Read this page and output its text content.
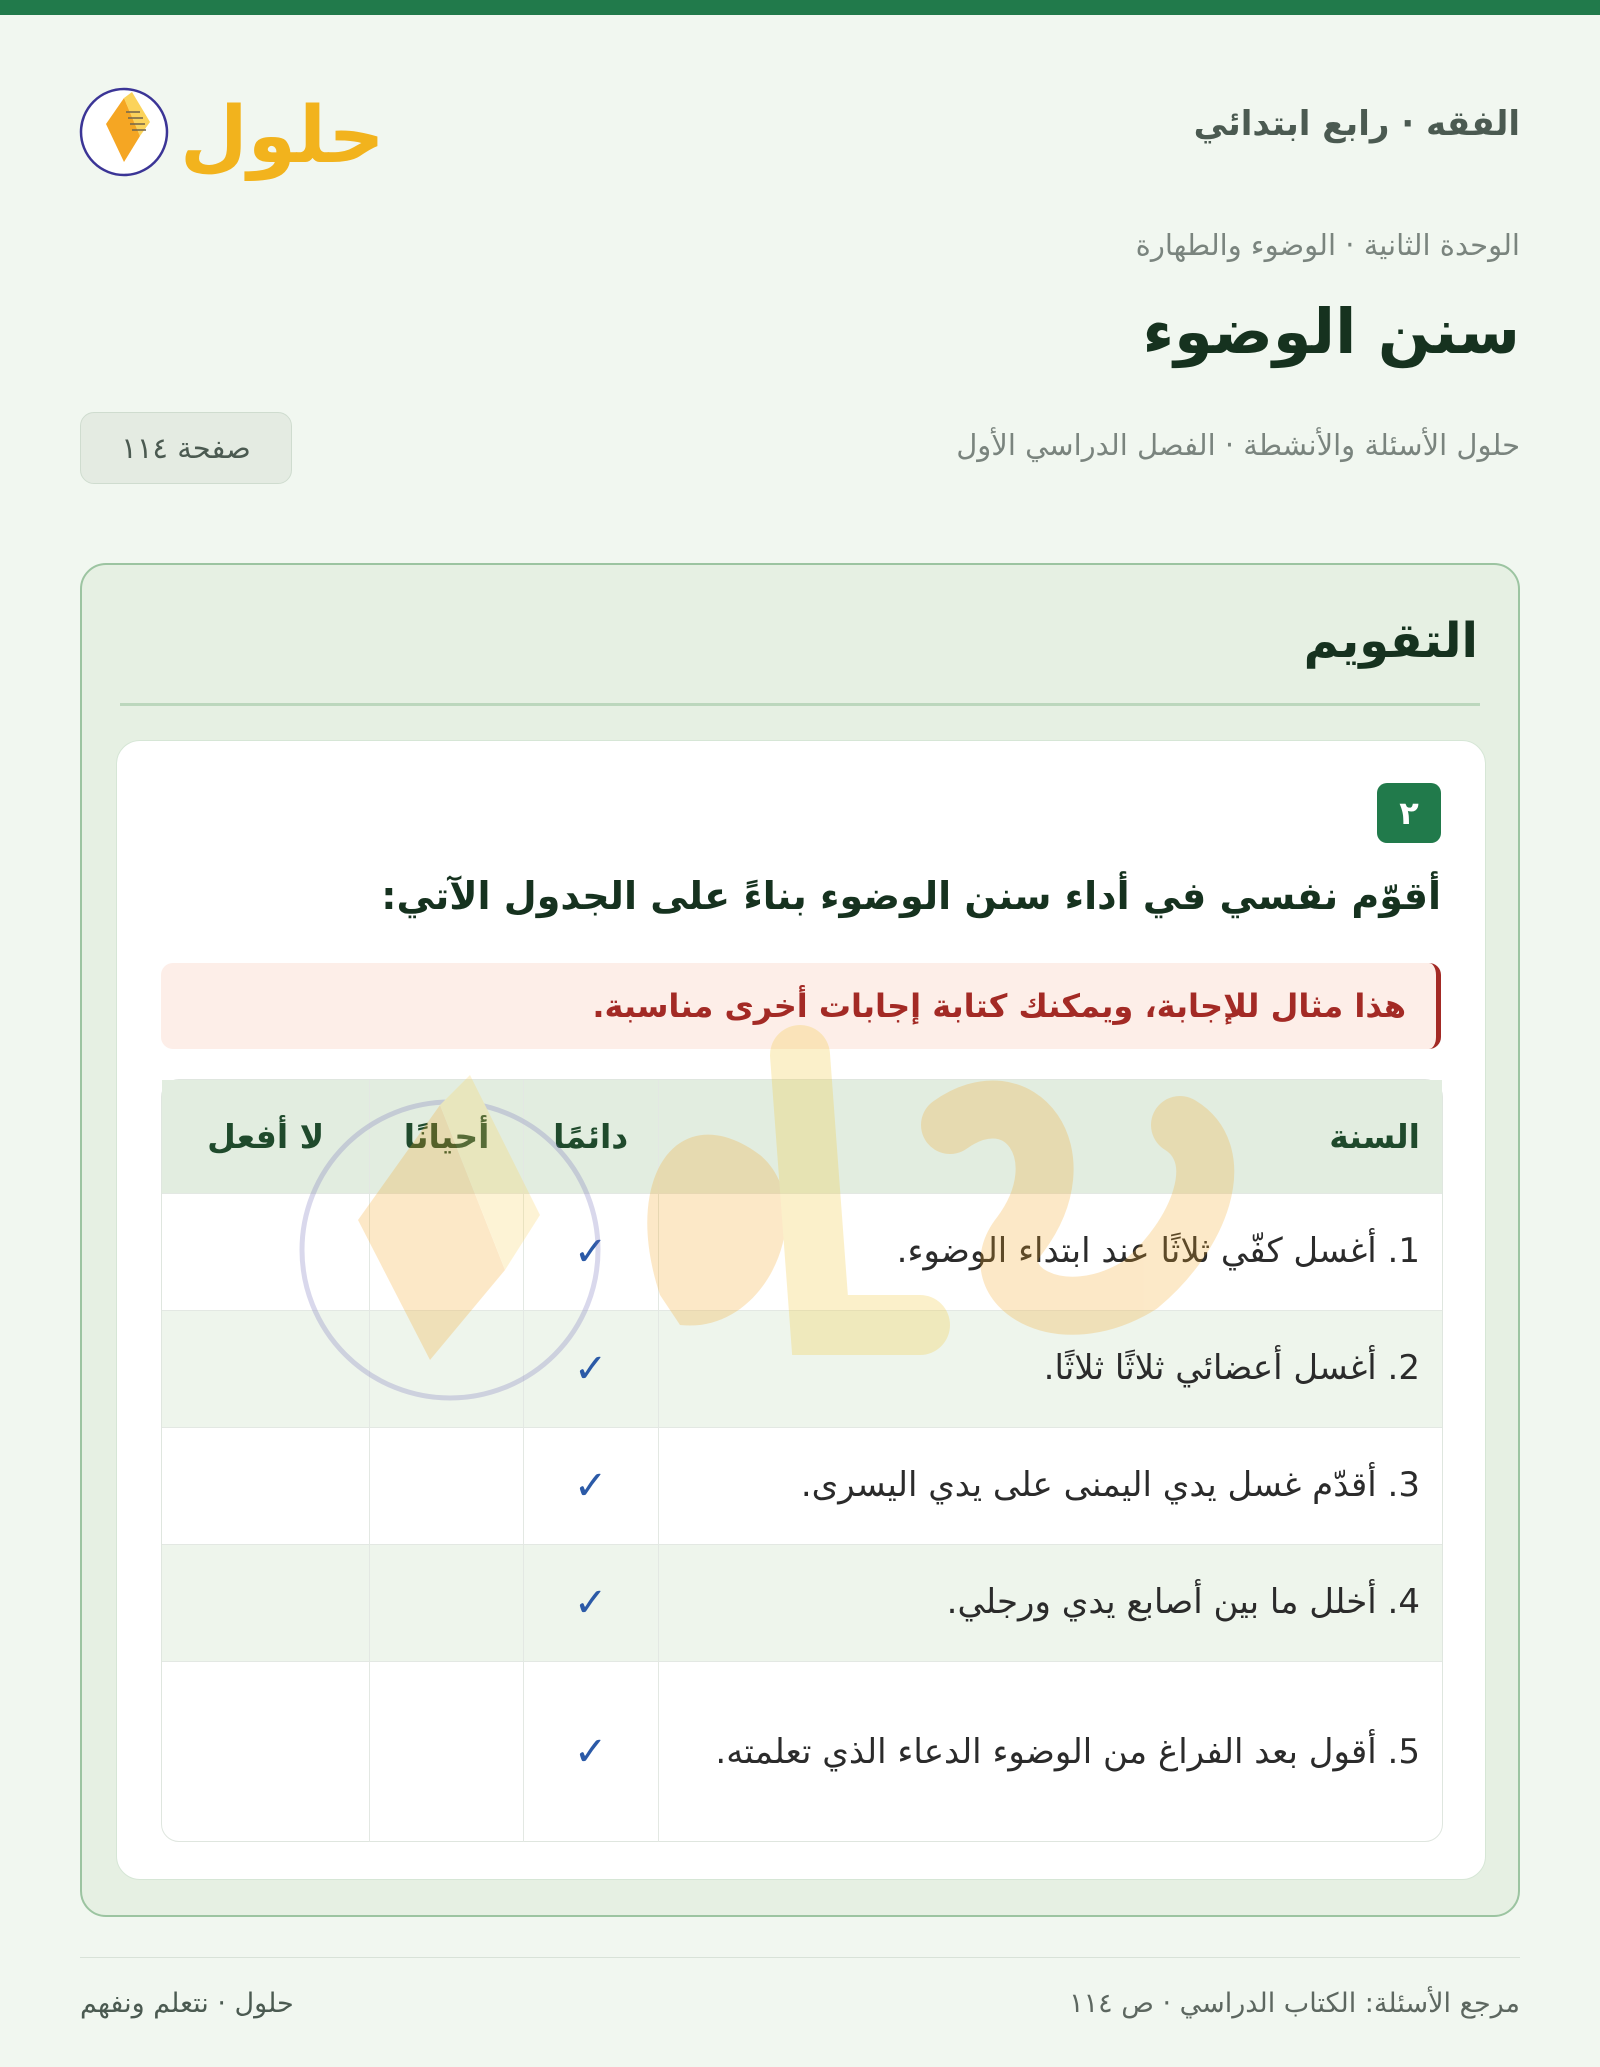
حلول	الفقه · رابع ابتدائي
الوحدة الثانية · الوضوء والطهارة
سنن الوضوء
حلول الأسئلة والأنشطة · الفصل الدراسي الأول
صفحة ١١٤
التقويم
٢
أقوّم نفسي في أداء سنن الوضوء بناءً على الجدول الآتي:
هذا مثال للإجابة، ويمكنك كتابة إجابات أخرى مناسبة.
السنة	دائمًا	أحيانًا	لا أفعل
1. أغسل كفّي ثلاثًا عند ابتداء الوضوء.	✓		
2. أغسل أعضائي ثلاثًا ثلاثًا.	✓		
3. أقدّم غسل يدي اليمنى على يدي اليسرى.	✓		
4. أخلل ما بين أصابع يدي ورجلي.	✓		
5. أقول بعد الفراغ من الوضوء الدعاء الذي تعلمته.	✓		
مرجع الأسئلة: الكتاب الدراسي · ص ١١٤
حلول · نتعلم ونفهم
